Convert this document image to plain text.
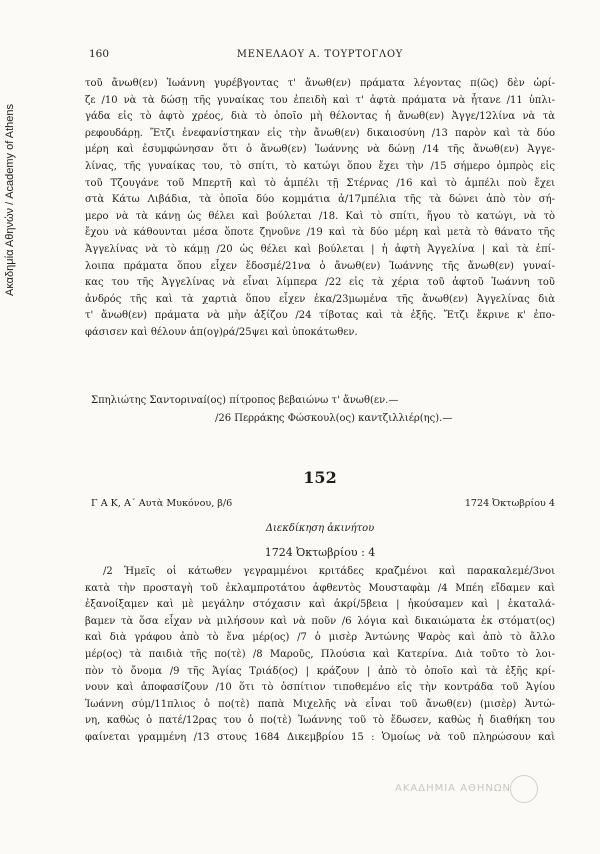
Ακαδημία Αθηνών / Academy of Athens
160	ΜΕΝΕΛΑΟΥ Α. ΤΟΥΡΤΟΓΛΟΥ
τοῦ ἄνωθ(εν) Ἰωάννη γυρέβγοντας τ' ἄνωθ(εν) πράματα λέγοντας π(ῶς) δὲν ὡρί-
ζε /10 νὰ τὰ δώσῃ τῆς γυναίκας του ἐπειδὴ καὶ τ' ἀφτὰ πράματα νὰ ἦτανε /11 ὑπλι-
γάδα εἰς τὸ ἀφτὸ χρέος, διὰ τὸ ὁποῖο μὴ θέλοντας ἡ ἄνωθ(εν) Ἀγγε/12λίνα νὰ τὰ
ρεφουδάρῃ. Ἔτζι ἐνεφανίστηκαν εἰς τὴν ἄνωθ(εν) δικαιοσύνη /13 παρὸν καὶ τὰ δύο
μέρη καὶ ἐσυμφώνησαν ὅτι ὁ ἄνωθ(εν) Ἰωάννης νὰ δώνῃ /14 τῆς ἄνωθ(εν) Ἀγγε-
λίνας, τῆς γυναίκας του, τὸ σπίτι, τὸ κατώγι ὅπου ἔχει τὴν /15 σήμερο ὀμπρὸς εἰς
τοῦ Τζουγάνε τοῦ Μπερτῆ καὶ τὸ ἀμπέλι τῇ Στέρνας /16 καὶ τὸ ἀμπέλι ποὺ ἔχει
στὰ Κάτω Λιβάδια, τὰ ὁποῖα δύο κομμάτια ἀ/17μπέλια τῆς τὰ δώνει ἀπὸ τὸν σή-
μερο νὰ τὰ κάνῃ ὡς θέλει καὶ βούλεται /18. Καὶ τὸ σπίτι, ἤγου τὸ κατώγι, νὰ τὸ
ἔχου νὰ κάθουνται μέσα ὅποτε ζηνοῦνε /19 καὶ τὰ δύο μέρη καὶ μετὰ τὸ θάνατο τῆς
Ἀγγελίνας νὰ τὸ κάμῃ /20 ὡς θέλει καὶ βούλεται | ἡ ἀφτὴ Ἀγγελίνα | καὶ τὰ ἐπί-
λοιπα πράματα ὅπου εἶχεν ἔδοσμέ/21να ὁ ἄνωθ(εν) Ἰωάννης τῆς ἄνωθ(εν) γυναί-
κας του τῆς Ἀγγελίνας νὰ εἶναι λίμπερα /22 εἰς τὰ χέρια τοῦ ἀφτοῦ Ἰωάννη τοῦ
ἀνδρός τῆς καὶ τὰ χαρτιὰ ὅπου εἶχεν ἐκα/23μωμένα τῆς ἄνωθ(εν) Ἀγγελίνας διὰ
τ' ἄνωθ(εν) πράματα νὰ μὴν ἀξίζου /24 τίβοτας καὶ τὰ ἐξῆς. Ἔτζι ἔκρινε κ' ἐπο-
φάσισεν καὶ θέλουν ἀπ(ογ)ρά/25ψει καὶ ὑποκάτωθεν.
Σπηλιώτης Σαντοριναí(ος) πίτροπος βεβαιώνω τ' ἄνωθ(εν.—
/26 Περράκης Φώσκουλ(ος) καντζιλλιέρ(ης).—
152
Γ Α Κ, Α΄ Αυτὰ Μυκόνου, β/6	1724 Ὀκτωβρίου 4
Διεκδίκηση ἀκινήτου
1724 Ὀκτωβρίου : 4
/2 Ἡμεῖς οἱ κάτωθεν γεγραμμένοι κριτάδες κραζμένοι καὶ παρακαλεμέ/3νοι
κατὰ τὴν προσταγὴ τοῦ ἐκλαμπροτάτου ἀφθεντὸς Μουσταφὰμ /4 Μπέη εἴδαμεν καὶ
ἐξανοίξαμεν καὶ μὲ μεγάλην στόχασιν καὶ ἀκρί/5βεια | ἠκούσαμεν καὶ | ἐκαταλά-
βαμεν τὰ ὅσα εἶχαν νὰ μιλήσουν καὶ νὰ ποῦν /6 λόγια καὶ δικαιώματα ἐκ στόματ(ος)
καὶ διὰ γράφου ἀπὸ τὸ ἕνα μέρ(ος) /7 ὁ μισὲρ Ἀντώνης Ψαρὸς καὶ ἀπὸ τὸ ἄλλο
μέρ(ος) τὰ παιδιὰ τῆς πο(τὲ) /8 Μαροῦς, Πλούσια καὶ Κατερίνα. Διὰ τοῦτο τὸ λοι-
πὸν τὸ ὄνομα /9 τῆς Ἁγίας Τριάδ(ος) | κράζουν | ἀπὸ τὸ ὁποῖο καὶ τὰ ἐξῆς κρί-
νουν καὶ ἀποφασίζουν /10 ὅτι τὸ ὁσπίτιον τιποθεμένο εἰς τὴν κοντράδα τοῦ Ἁγίου
Ἰωάννη σύμ/11πλιος ὁ πο(τὲ) παπὰ Μιχελῆς νὰ εἶναι τοῦ ἄνωθ(εν) (μισὲρ) Ἀντώ-
νη, καθὼς ὁ πατέ/12ρας του ὁ πο(τὲ) Ἰωάννης τοῦ τὸ ἔδωσεν, καθὼς ἡ διαθήκη του
φαίνεται γραμμένη /13 στους 1684 Δικεμβρίου 15 : Ὁμοίως νὰ τοῦ πληρώσουν καὶ
ΑΚΑΔΗΜΙΑ ΑΘΗΝΩΝ
